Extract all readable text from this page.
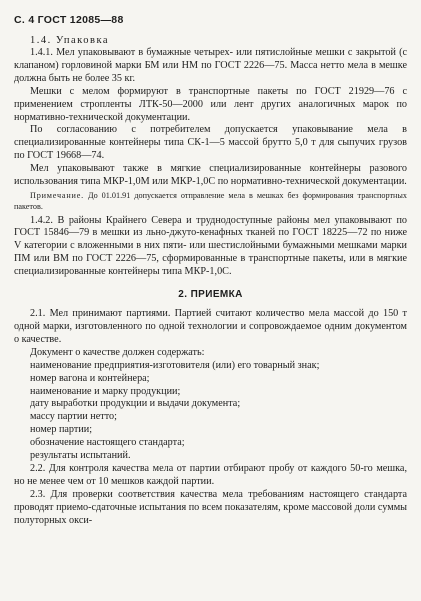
С. 4 ГОСТ 12085—88
1.4. Упаковка

1.4.1. Мел упаковывают в бумажные четырех- или пятислойные мешки с закрытой (с клапаном) горловиной марки БМ или НМ по ГОСТ 2226—75. Масса нетто мела в мешке должна быть не более 35 кг.

Мешки с мелом формируют в транспортные пакеты по ГОСТ 21929—76 с применением стропленты ЛТК-50—2000 или лент других аналогичных марок по нормативно-технической документации.

По согласованию с потребителем допускается упаковывание мела в специализированные контейнеры типа СК-1—5 массой брутто 5,0 т для сыпучих грузов по ГОСТ 19668—74.

Мел упаковывают также в мягкие специализированные контейнеры разового использования типа МКР-1,0М или МКР-1,0С по нормативно-технической документации.

Примечание. До 01.01.91 допускается отправление мела в мешках без формирования транспортных пакетов.

1.4.2. В районы Крайнего Севера и труднодоступные районы мел упаковывают по ГОСТ 15846—79 в мешки из льно-джуто-кенафных тканей по ГОСТ 18225—72 по ниже V категории с вложенными в них пяти- или шестислойными бумажными мешками марки ПМ или ВМ по ГОСТ 2226—75, сформированные в транспортные пакеты, или в мягкие специализированные контейнеры типа МКР-1,0С.

2. ПРИЕМКА

2.1. Мел принимают партиями. Партией считают количество мела массой до 150 т одной марки, изготовленного по одной технологии и сопровождаемое одним документом о качестве.

Документ о качестве должен содержать:

наименование предприятия-изготовителя (или) его товарный знак;

номер вагона и контейнера;

наименование и марку продукции;

дату выработки продукции и выдачи документа;

массу партии нетто;

номер партии;

обозначение настоящего стандарта;

результаты испытаний.

2.2. Для контроля качества мела от партии отбирают пробу от каждого 50-го мешка, но не менее чем от 10 мешков каждой партии.

2.3. Для проверки соответствия качества мела требованиям настоящего стандарта проводят приемо-сдаточные испытания по всем показателям, кроме массовой доли суммы полуторных окси-
